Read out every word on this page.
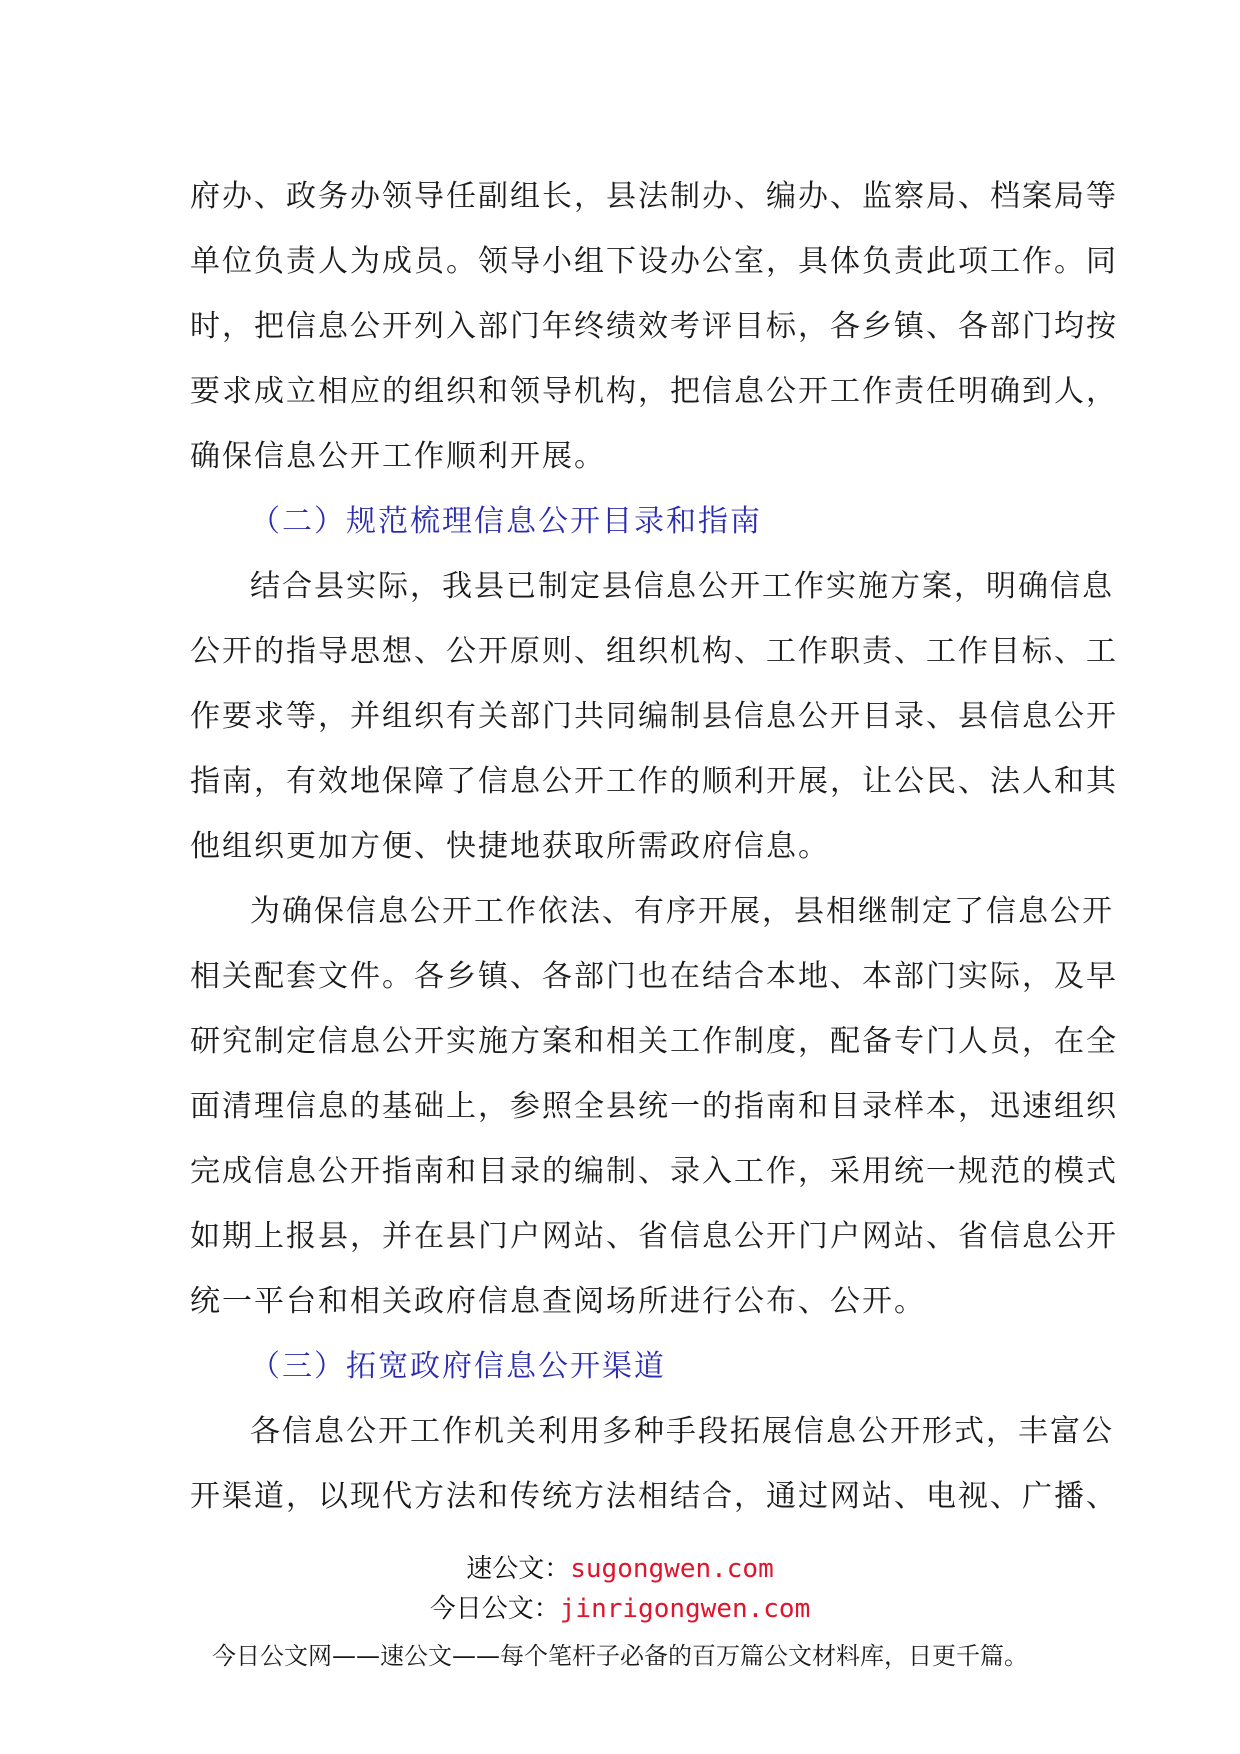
府办、政务办领导任副组长，县法制办、编办、监察局、档案局等
单位负责人为成员。领导小组下设办公室，具体负责此项工作。同
时，把信息公开列入部门年终绩效考评目标，各乡镇、各部门均按
要求成立相应的组织和领导机构，把信息公开工作责任明确到人，
确保信息公开工作顺利开展。
（二）规范梳理信息公开目录和指南
结合县实际，我县已制定县信息公开工作实施方案，明确信息
公开的指导思想、公开原则、组织机构、工作职责、工作目标、工
作要求等，并组织有关部门共同编制县信息公开目录、县信息公开
指南，有效地保障了信息公开工作的顺利开展，让公民、法人和其
他组织更加方便、快捷地获取所需政府信息。
为确保信息公开工作依法、有序开展，县相继制定了信息公开
相关配套文件。各乡镇、各部门也在结合本地、本部门实际，及早
研究制定信息公开实施方案和相关工作制度，配备专门人员，在全
面清理信息的基础上，参照全县统一的指南和目录样本，迅速组织
完成信息公开指南和目录的编制、录入工作，采用统一规范的模式
如期上报县，并在县门户网站、省信息公开门户网站、省信息公开
统一平台和相关政府信息查阅场所进行公布、公开。
（三）拓宽政府信息公开渠道
各信息公开工作机关利用多种手段拓展信息公开形式，丰富公
开渠道，以现代方法和传统方法相结合，通过网站、电视、广播、
速公文：sugongwen.com
今日公文：jinrigongwen.com
今日公文网——速公文——每个笔杆子必备的百万篇公文材料库，日更千篇。
